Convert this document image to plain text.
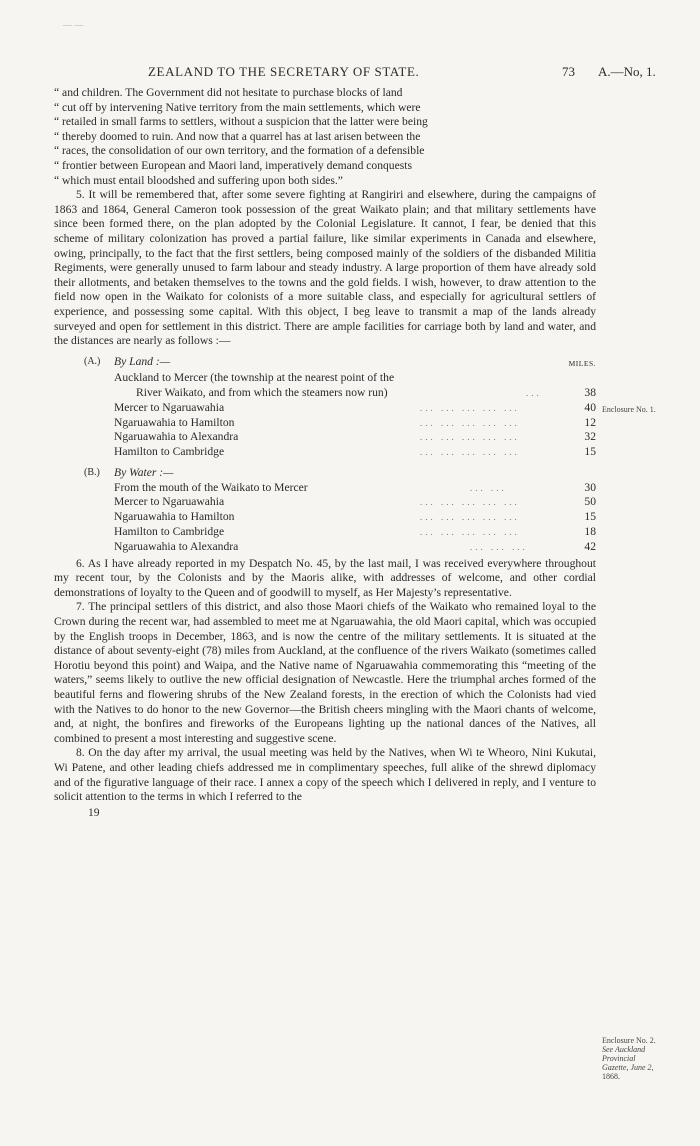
— —
ZEALAND TO THE SECRETARY OF STATE.	73 A.—No, 1.

“ and children. The Government did not hesitate to purchase blocks of land

“ cut off by intervening Native territory from the main settlements, which were

“ retailed in small farms to settlers, without a suspicion that the latter were being

“ thereby doomed to ruin. And now that a quarrel has at last arisen between the

“ races, the consolidation of our own territory, and the formation of a defensible

“ frontier between European and Maori land, imperatively demand conquests

“ which must entail bloodshed and suffering upon both sides.”

5. It will be remembered that, after some severe fighting at Rangiriri and elsewhere, during the campaigns of 1863 and 1864, General Cameron took possession of the great Waikato plain; and that military settlements have since been formed there, on the plan adopted by the Colonial Legislature. It cannot, I fear, be denied that this scheme of military colonization has proved a partial failure, like similar experiments in Canada and elsewhere, owing, principally, to the fact that the first settlers, being composed mainly of the soldiers of the disbanded Militia Regiments, were generally unused to farm labour and steady industry. A large proportion of them have already sold their allotments, and betaken themselves to the towns and the gold fields. I wish, however, to draw attention to the field now open in the Waikato for colonists of a more suitable class, and especially for agricultural settlers of experience, and possessing some capital. With this object, I beg leave to transmit a map of the lands already surveyed and open for settlement in this district. There are ample facilities for carriage both by land and water, and the distances are nearly as follows :—

(A.)	By Land :—	MILES.
Auckland to Mercer (the township at the nearest point of the
River Waikato, and from which the steamers now run)	...	38
Mercer to Ngaruawahia	... ... ... ... ...	40
Ngaruawahia to Hamilton	... ... ... ... ...	12
Ngaruawahia to Alexandra	... ... ... ... ...	32
Hamilton to Cambridge	... ... ... ... ...	15
(B.)	By Water :—
From the mouth of the Waikato to Mercer	... ...	30
Mercer to Ngaruawahia	... ... ... ... ...	50
Ngaruawahia to Hamilton	... ... ... ... ...	15
Hamilton to Cambridge	... ... ... ... ...	18
Ngaruawahia to Alexandra	... ... ...	42

6. As I have already reported in my Despatch No. 45, by the last mail, I was received everywhere throughout my recent tour, by the Colonists and by the Maoris alike, with addresses of welcome, and other cordial demonstrations of loyalty to the Queen and of goodwill to myself, as Her Majesty’s representative.

7. The principal settlers of this district, and also those Maori chiefs of the Waikato who remained loyal to the Crown during the recent war, had assembled to meet me at Ngaruawahia, the old Maori capital, which was occupied by the English troops in December, 1863, and is now the centre of the military settlements. It is situated at the distance of about seventy-eight (78) miles from Auckland, at the confluence of the rivers Waikato (sometimes called Horotiu beyond this point) and Waipa, and the Native name of Ngaruawahia commemorating this “meeting of the waters,” seems likely to outlive the new official designation of Newcastle. Here the triumphal arches formed of the beautiful ferns and flowering shrubs of the New Zealand forests, in the erection of which the Colonists had vied with the Natives to do honor to the new Governor—the British cheers mingling with the Maori chants of welcome, and, at night, the bonfires and fireworks of the Europeans lighting up the national dances of the Natives, all combined to present a most interesting and suggestive scene.

8. On the day after my arrival, the usual meeting was held by the Natives, when Wi te Wheoro, Nini Kukutai, Wi Patene, and other leading chiefs addressed me in complimentary speeches, full alike of the shrewd diplomacy and of the figurative language of their race. I annex a copy of the speech which I delivered in reply, and I venture to solicit attention to the terms in which I referred to the

19
Enclosure No. 1.
Enclosure No. 2.
See Auckland
Provincial
Gazette, June 2,
1868.
